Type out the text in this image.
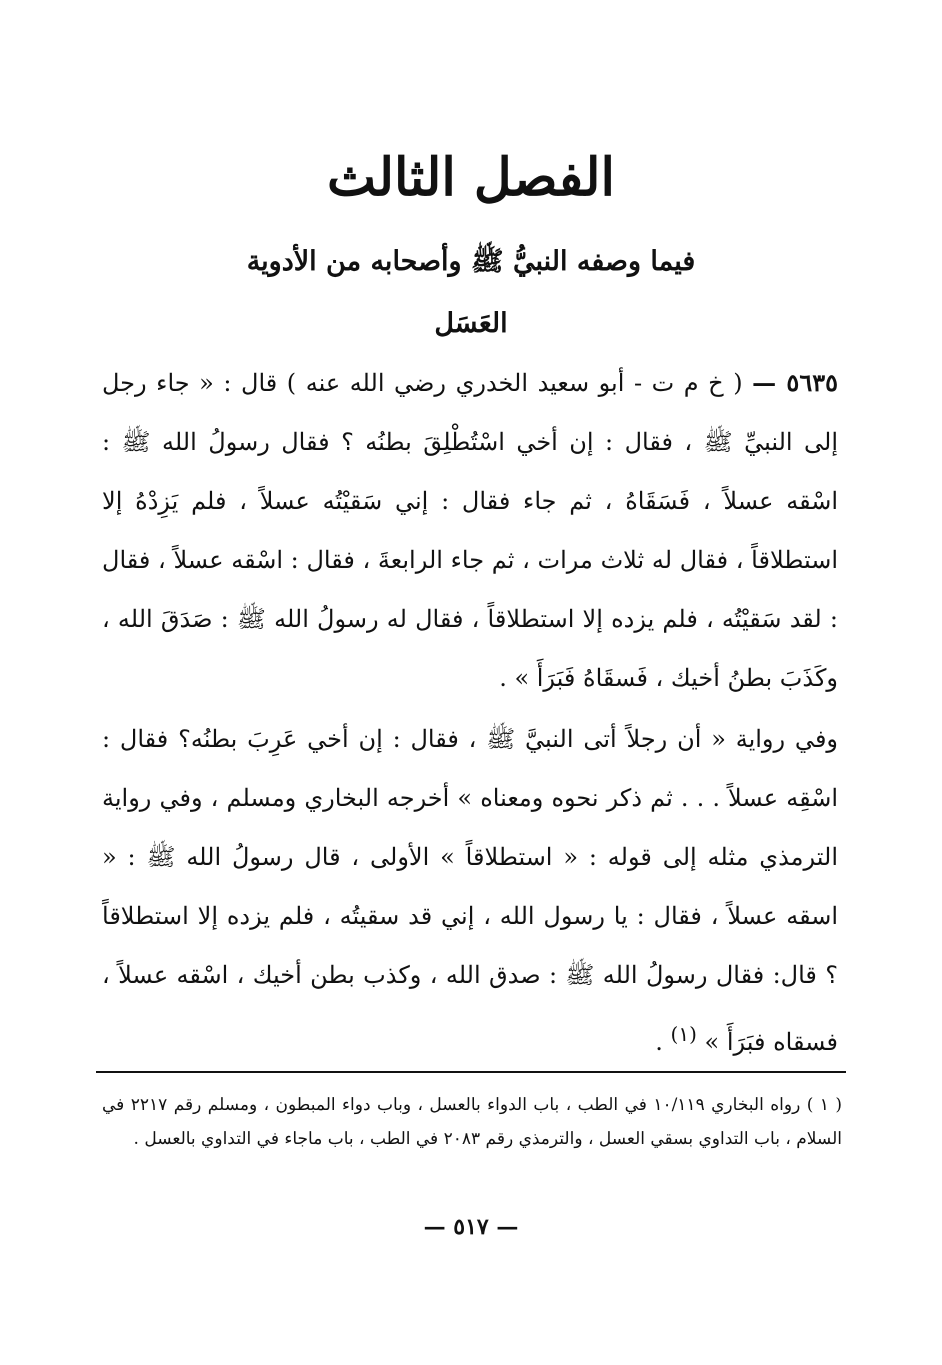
الفصل الثالث
فيما وصفه النبيُّ ﷺ وأصحابه من الأدوية
العَسَل
٥٦٣٥ — ( خ م ت - أبو سعيد الخدري رضي الله عنه ) قال : « جاء رجل إلى النبيِّ ﷺ ، فقال : إن أخي اسْتُطْلِقَ بطنُه ؟ فقال رسولُ الله ﷺ : اسْقه عسلاً ، فَسَقَاهُ ، ثم جاء فقال : إني سَقيْتُه عسلاً ، فلم يَزِدْهُ إلا استطلاقاً ، فقال له ثلاث مرات ، ثم جاء الرابعةَ ، فقال : اسْقه عسلاً ، فقال : لقد سَقيْتُه ، فلم يزده إلا استطلاقاً ، فقال له رسولُ الله ﷺ : صَدَقَ الله ، وكَذَبَ بطنُ أخيك ، فَسقَاهُ فَبَرَأَ » .
وفي رواية « أن رجلاً أتى النبيَّ ﷺ ، فقال : إن أخي عَرِبَ بطنُه؟ فقال : اسْقِه عسلاً . . . ثم ذكر نحوه ومعناه » أخرجه البخاري ومسلم ، وفي رواية الترمذي مثله إلى قوله : « استطلاقاً » الأولى ، قال رسولُ الله ﷺ : « اسقه عسلاً ، فقال : يا رسول الله ، إني قد سقيتُه ، فلم يزده إلا استطلاقاً ؟ قال: فقال رسولُ الله ﷺ : صدق الله ، وكذب بطن أخيك ، اسْقه عسلاً ، فسقاه فبَرَأَ » $^{(١)}$ .
( ١ ) رواه البخاري ١٠/١١٩ في الطب ، باب الدواء بالعسل ، وباب دواء المبطون ، ومسلم رقم ٢٢١٧ في السلام ، باب التداوي بسقي العسل ، والترمذي رقم ٢٠٨٣ في الطب ، باب ماجاء في التداوي بالعسل .
— ٥١٧ —
